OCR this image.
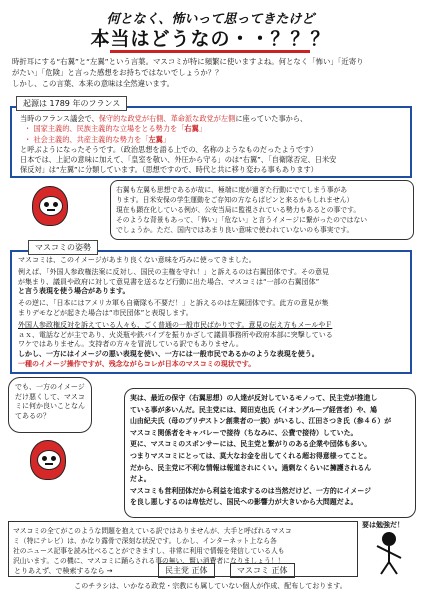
何となく、怖いって思ってきたけど
本当はどうなの・・？？？
時折耳にする“右翼”と“左翼”という言葉。マスコミが特に頻繁に使いますよね。何となく「怖い」「近寄り
がたい」「危険」と言った感想をお持ちではないでしょうか？？
しかし、この言葉、本来の意味は全然違います。
起源は 1789 年のフランス
当時のフランス議会で、保守的な政党が右側、革命派な政党が左側に座っていた事から、
・ 国家主義的、民族主義的な立場をとる勢力を「右翼」
・ 社会主義的、共産主義的な勢力を「左翼」
と呼ぶようになったそうです。（政治思想を語る上での、名称のようなものだったようです）
日本では、上記の意味に加えて、「皇室を敬い、外圧から守る」のは“右翼”、「自衛隊否定、日米安
保反対」は“左翼”に分類しています。（思想ですので、時代と共に移り変わる事もあります）
右翼も左翼も思想であるが故に、極端に度が過ぎた行動にでてしまう事があ
ります。日米安保の学生運動をご存知の方ならばピンと来るかもしれません）
現在も顕在化している例が、公安当局に監視されている勢力もあるとの事です。
そのような背景もあって、「怖い」「危ない」と言うイメージに繋がったのではない
でしょうか。ただ、国内ではあまり良い意味で使われていないのも事実です。
マスコミの姿勢
マスコミは、このイメージがあまり良くない意味を巧みに使ってきました。
例えば、「外国人参政権法案に反対し、国民の主権を守れ！」と訴えるのは右翼団体です。その意見
が集まり、議員や政府に対して意見書を送るなど行動に出た場合、マスコミは“一部の右翼団体”
と言う表現を使う場合があります。
その逆に、「日本にはアメリカ軍も自衛隊も不要だ！」と訴えるのは左翼団体です。此方の意見が集
まりデモなどが起きた場合は“市民団体”と表現します。
外国人参政権反対を訴えている人々も、ごく普通の一般市民ばかりです。意見の伝え方もメールやＦ
ａｘ、電話などが主であり、火炎瓶や鉄パイプを振りかざして議員事務所や政府本部に突撃している
ワケではありません。支持者の方々を冒涜している訳でもありません。
しかし、一方にはイメージの悪い表現を使い、一方には一般市民であるかのような表現を使う。
一種のイメージ操作ですが、残念ながらコレが日本のマスコミの現状です。
でも、一方のイメージだけ悪くして、マスコミに何か良いことなんてあるの？
実は、最近の保守（右翼思想）の人達が反対しているモノって、民主党が推進し
ている事が多いんだ。民主党には、岡田克也氏（イオングループ経営者）や、鳩
山由紀夫氏（母のブリヂストン創業者の一族）がいるし、江田さつき氏（参４６）が
マスコミ関係者をキャバレーで接待（ちなみに、公費で接待）していた。
更に、マスコミのスポンサーには、民主党と繋がりのある企業や団体も多い。
つまりマスコミにとっては、莫大なお金を出してくれる超お得意様ってこと。
だから、民主党に不利な情報は報道されにくい。過剰なくらいに擁護されるん
だよ。
マスコミも営利団体だから利益を追求するのは当然だけど、一方的にイメージ
を良し悪しするのは卑怯だし、国民への影響力が大きいから大問題だよ。
マスコミの全てがこのような問題を抱えている訳ではありませんが、大手と呼ばれるマスコ
ミ（特にテレビ）は、かなり露骨で深刻な状況です。しかし、インターネット上なら各
社のニュース記事を読み比べることができますし、非常に利用で情報を発信している人も
沢山います。この機に、マスコミに踊らされる事の無い、賢い消費者になりましょう！！
とりあえず、で検索するなら →	民主党 正体	マスコミ 正体
要は勉強だ！
このチラシは、いかなる政党・宗教にも属していない個人が作成、配布しております。
